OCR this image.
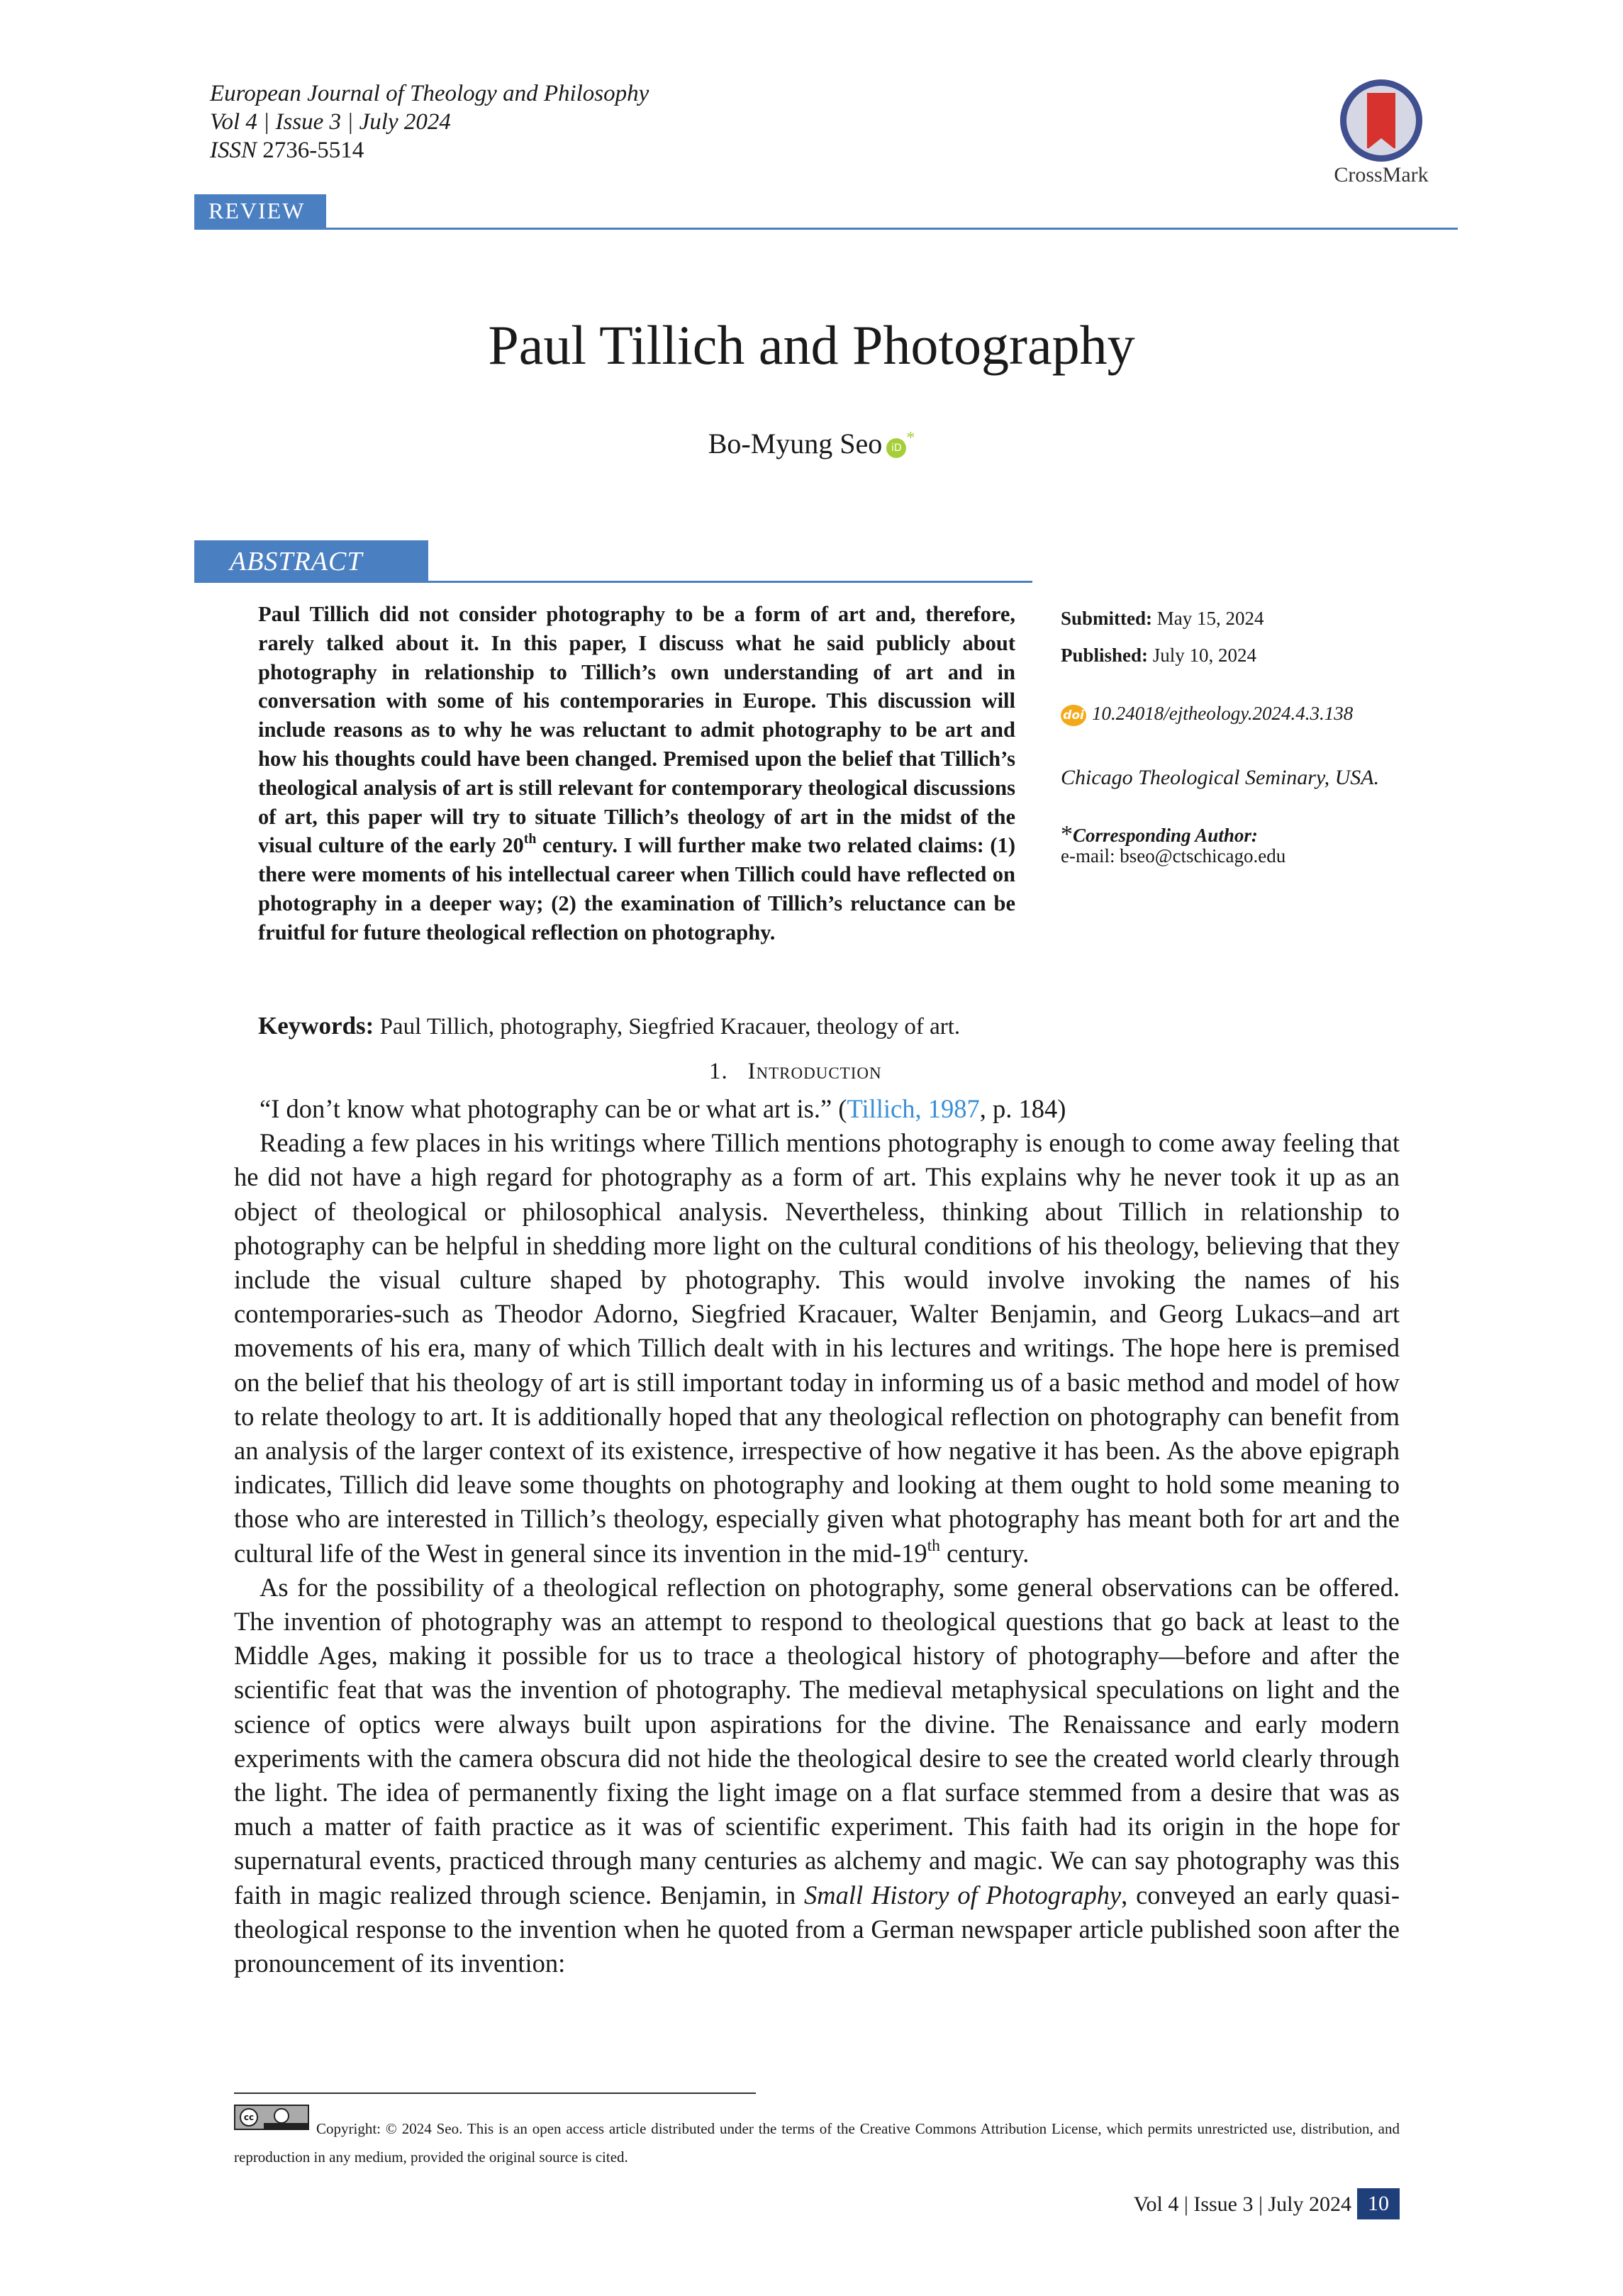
European Journal of Theology and Philosophy
Vol 4 | Issue 3 | July 2024
ISSN 2736-5514
CrossMark
REVIEW
Paul Tillich and Photography
Bo-Myung Seo iD*
ABSTRACT
Paul Tillich did not consider photography to be a form of art and, therefore, rarely talked about it. In this paper, I discuss what he said publicly about photography in relationship to Tillich’s own understanding of art and in conversation with some of his contemporaries in Europe. This discussion will include reasons as to why he was reluctant to admit photography to be art and how his thoughts could have been changed. Premised upon the belief that Tillich’s theological analysis of art is still relevant for contemporary theological discussions of art, this paper will try to situate Tillich’s theology of art in the midst of the visual culture of the early 20th century. I will further make two related claims: (1) there were moments of his intellectual career when Tillich could have reflected on photography in a deeper way; (2) the examination of Tillich’s reluctance can be fruitful for future theological reflection on photography.
Submitted: May 15, 2024
Published: July 10, 2024
doi 10.24018/ejtheology.2024.4.3.138
Chicago Theological Seminary, USA.
*Corresponding Author:
e-mail: bseo@ctschicago.edu
Keywords: Paul Tillich, photography, Siegfried Kracauer, theology of art.
1. Introduction

“I don’t know what photography can be or what art is.” (Tillich, 1987, p. 184)

Reading a few places in his writings where Tillich mentions photography is enough to come away feeling that he did not have a high regard for photography as a form of art. This explains why he never took it up as an object of theological or philosophical analysis. Nevertheless, thinking about Tillich in relationship to photography can be helpful in shedding more light on the cultural conditions of his theology, believing that they include the visual culture shaped by photography. This would involve invoking the names of his contemporaries-such as Theodor Adorno, Siegfried Kracauer, Walter Benjamin, and Georg Lukacs–and art movements of his era, many of which Tillich dealt with in his lectures and writings. The hope here is premised on the belief that his theology of art is still important today in informing us of a basic method and model of how to relate theology to art. It is additionally hoped that any theological reflection on photography can benefit from an analysis of the larger context of its existence, irrespective of how negative it has been. As the above epigraph indicates, Tillich did leave some thoughts on photography and looking at them ought to hold some meaning to those who are interested in Tillich’s theology, especially given what photography has meant both for art and the cultural life of the West in general since its invention in the mid-19th century.

As for the possibility of a theological reflection on photography, some general observations can be offered. The invention of photography was an attempt to respond to theological questions that go back at least to the Middle Ages, making it possible for us to trace a theological history of photography—before and after the scientific feat that was the invention of photography. The medieval metaphysical speculations on light and the science of optics were always built upon aspirations for the divine. The Renaissance and early modern experiments with the camera obscura did not hide the theological desire to see the created world clearly through the light. The idea of permanently fixing the light image on a flat surface stemmed from a desire that was as much a matter of faith practice as it was of scientific experiment. This faith had its origin in the hope for supernatural events, practiced through many centuries as alchemy and magic. We can say photography was this faith in magic realized through science. Benjamin, in Small History of Photography, conveyed an early quasi-theological response to the invention when he quoted from a German newspaper article published soon after the pronouncement of its invention:

cc
Copyright: © 2024 Seo. This is an open access article distributed under the terms of the Creative Commons Attribution License, which permits unrestricted use, distribution, and reproduction in any medium, provided the original source is cited.
Vol 4 | Issue 3 | July 2024 10
